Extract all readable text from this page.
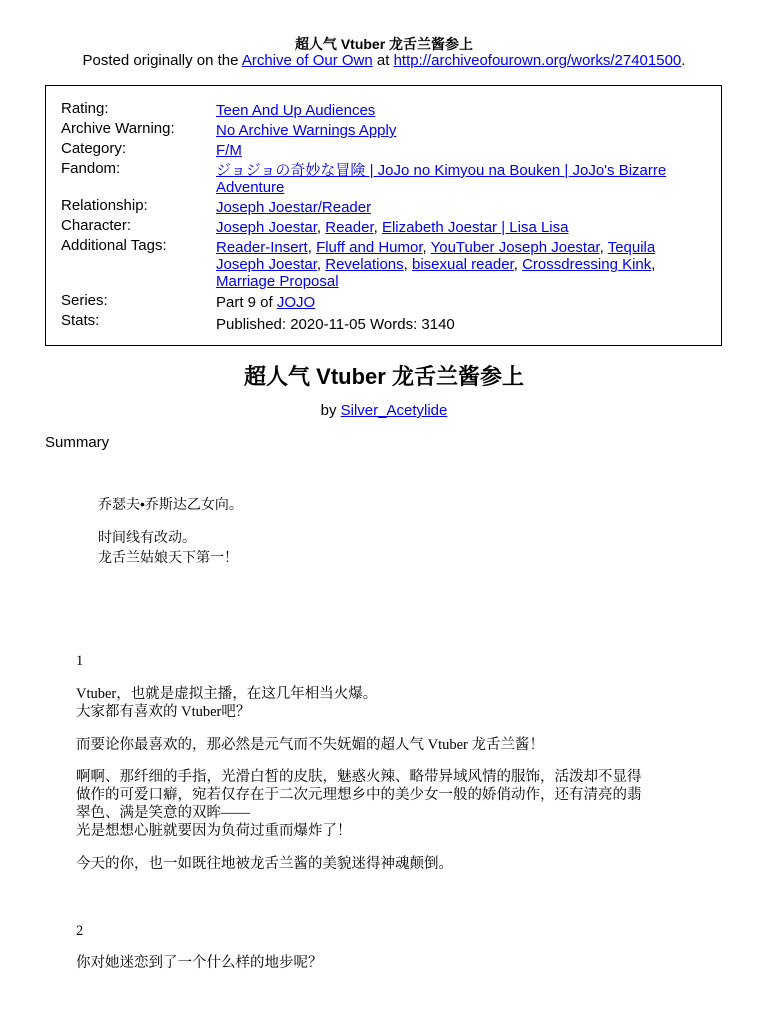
超人气 Vtuber 龙舌兰酱参上
Posted originally on the Archive of Our Own at http://archiveofourown.org/works/27401500.
Rating:	Teen And Up Audiences
Archive Warning:	No Archive Warnings Apply
Category:	F/M
Fandom:	ジョジョの奇妙な冒険 | JoJo no Kimyou na Bouken | JoJo's Bizarre Adventure
Relationship:	Joseph Joestar/Reader
Character:	Joseph Joestar, Reader, Elizabeth Joestar | Lisa Lisa
Additional Tags:	Reader-Insert, Fluff and Humor, YouTuber Joseph Joestar, Tequila Joseph Joestar, Revelations, bisexual reader, Crossdressing Kink, Marriage Proposal
Series:	Part 9 of JOJO
Stats:	Published: 2020-11-05 Words: 3140
超人气 Vtuber 龙舌兰酱参上
by Silver_Acetylide
Summary

乔瑟夫•乔斯达乙女向。

时间线有改动。
龙舌兰姑娘天下第一！

1

Vtuber，也就是虚拟主播，在这几年相当火爆。
大家都有喜欢的 Vtuber吧？

而要论你最喜欢的，那必然是元气而不失妩媚的超人气 Vtuber 龙舌兰酱！

啊啊、那纤细的手指，光滑白皙的皮肤，魅惑火辣、略带异域风情的服饰，活泼却不显得
做作的可爱口癖，宛若仅存在于二次元理想乡中的美少女一般的娇俏动作，还有清亮的翡
翠色、满是笑意的双眸——
光是想想心脏就要因为负荷过重而爆炸了！

今天的你，也一如既往地被龙舌兰酱的美貌迷得神魂颠倒。

2

你对她迷恋到了一个什么样的地步呢？
